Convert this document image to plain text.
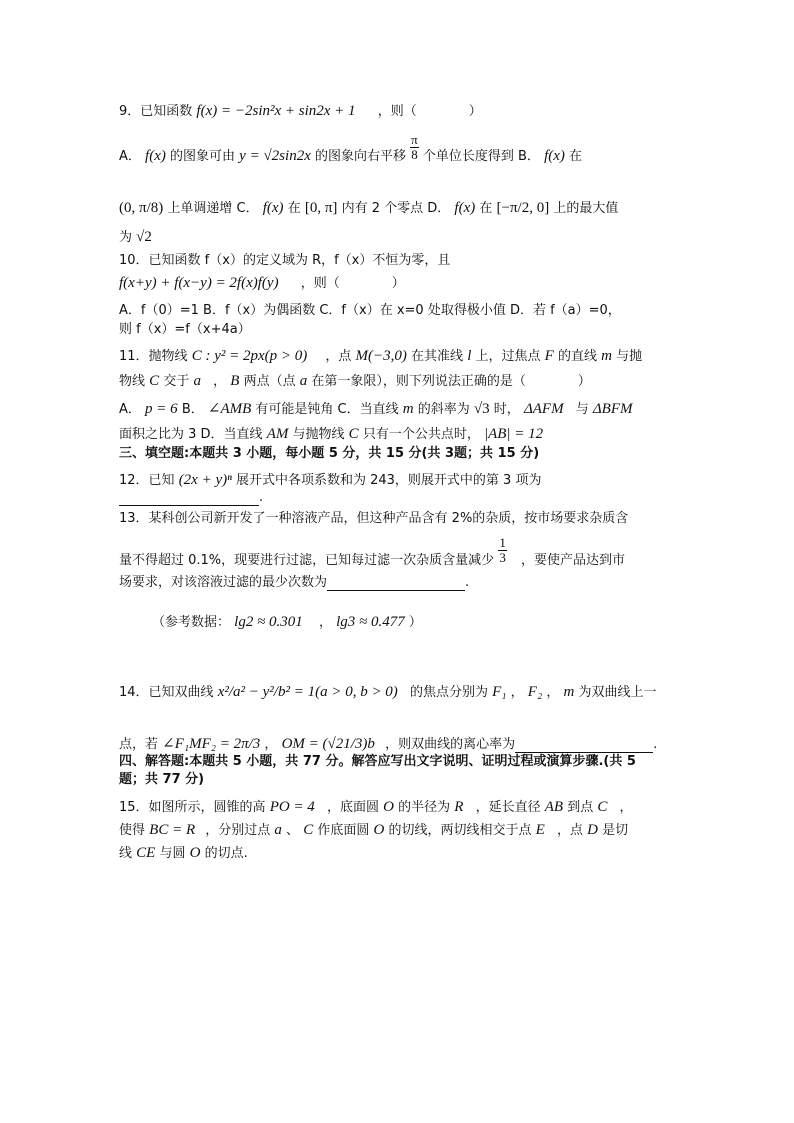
9．已知函数 f(x) = −2sin²x + sin2x + 1 ，则（　　　　）
A． f(x) 的图象可由 y = √2sin2x 的图象向右平移 $\frac{\pi}{8}$ 个单位长度得到 B． f(x) 在
(0, π/8) 上单调递增 C． f(x) 在 [0, π] 内有 2 个零点 D． f(x) 在 [−π/2, 0] 上的最大值
为 √2
10．已知函数 f（x）的定义域为 R，f（x）不恒为零，且
f(x+y) + f(x−y) = 2f(x)f(y) ，则（　　　　）
A．f（0）=1 B．f（x）为偶函数 C．f（x）在 x=0 处取得极小值 D．若 f（a）=0，
则 f（x）=f（x+4a）
11．抛物线 C : y² = 2px(p > 0) ，点 M(−3,0) 在其准线 l 上，过焦点 F 的直线 m 与抛
物线 C 交于 a ， B 两点（点 a 在第一象限），则下列说法正确的是（　　　　）
A． p = 6 B． ∠AMB 有可能是钝角 C．当直线 m 的斜率为 √3 时， ΔAFM 与 ΔBFM
面积之比为 3 D．当直线 AM 与抛物线 C 只有一个公共点时， |AB| = 12
三、填空题:本题共 3 小题，每小题 5 分，共 15 分(共 3题；共 15 分)
12．已知 (2x + y)ⁿ 展开式中各项系数和为 243，则展开式中的第 3 项为
.
13．某科创公司新开发了一种溶液产品，但这种产品含有 2%的杂质，按市场要求杂质含
量不得超过 0.1%，现要进行过滤，已知每过滤一次杂质含量减少 $\frac{1}{3}$ ，要使产品达到市
场要求，对该溶液过滤的最少次数为	.
（参考数据： lg2 ≈ 0.301 ， lg3 ≈ 0.477 ）
14．已知双曲线 x²/a² − y²/b² = 1(a > 0, b > 0) 的焦点分别为 F₁ ， F₂ ， m 为双曲线上一
点，若 ∠F₁MF₂ = 2π/3 ， OM = (√21/3)b ，则双曲线的离心率为	.
四、解答题:本题共 5 小题，共 77 分。解答应写出文字说明、证明过程或演算步骤.(共 5
题；共 77 分)
15．如图所示，圆锥的高 PO = 4 ，底面圆 O 的半径为 R ，延长直径 AB 到点 C ，
使得 BC = R ，分别过点 a 、 C 作底面圆 O 的切线，两切线相交于点 E ，点 D 是切
线 CE 与圆 O 的切点.
